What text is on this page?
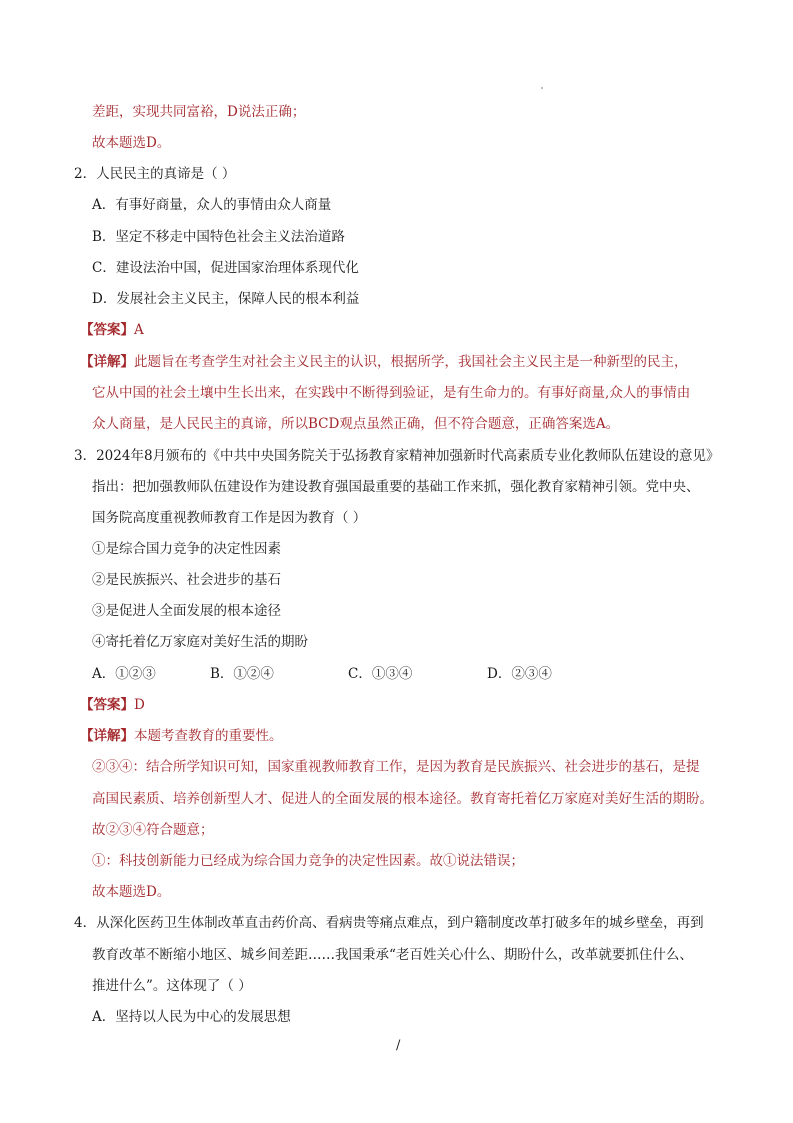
差距，实现共同富裕，D说法正确；
故本题选D。
2．人民民主的真谛是（ ）
A．有事好商量，众人的事情由众人商量
B．坚定不移走中国特色社会主义法治道路
C．建设法治中国，促进国家治理体系现代化
D．发展社会主义民主，保障人民的根本利益
【答案】A
【详解】此题旨在考查学生对社会主义民主的认识，根据所学，我国社会主义民主是一种新型的民主，
它从中国的社会土壤中生长出来，在实践中不断得到验证，是有生命力的。有事好商量,众人的事情由
众人商量，是人民民主的真谛，所以BCD观点虽然正确，但不符合题意，正确答案选A。
3．2024年8月颁布的《中共中央国务院关于弘扬教育家精神加强新时代高素质专业化教师队伍建设的意见》
指出：把加强教师队伍建设作为建设教育强国最重要的基础工作来抓，强化教育家精神引领。党中央、
国务院高度重视教师教育工作是因为教育（ ）
①是综合国力竞争的决定性因素
②是民族振兴、社会进步的基石
③是促进人全面发展的根本途径
④寄托着亿万家庭对美好生活的期盼
A．①②③	B．①②④	C．①③④	D．②③④
【答案】D
【详解】本题考查教育的重要性。
②③④：结合所学知识可知，国家重视教师教育工作，是因为教育是民族振兴、社会进步的基石，是提
高国民素质、培养创新型人才、促进人的全面发展的根本途径。教育寄托着亿万家庭对美好生活的期盼。
故②③④符合题意；
①：科技创新能力已经成为综合国力竞争的决定性因素。故①说法错误；
故本题选D。
4．从深化医药卫生体制改革直击药价高、看病贵等痛点难点，到户籍制度改革打破多年的城乡壁垒，再到
教育改革不断缩小地区、城乡间差距……我国秉承“老百姓关心什么、期盼什么，改革就要抓住什么、
推进什么”。这体现了（ ）
A．坚持以人民为中心的发展思想
/
